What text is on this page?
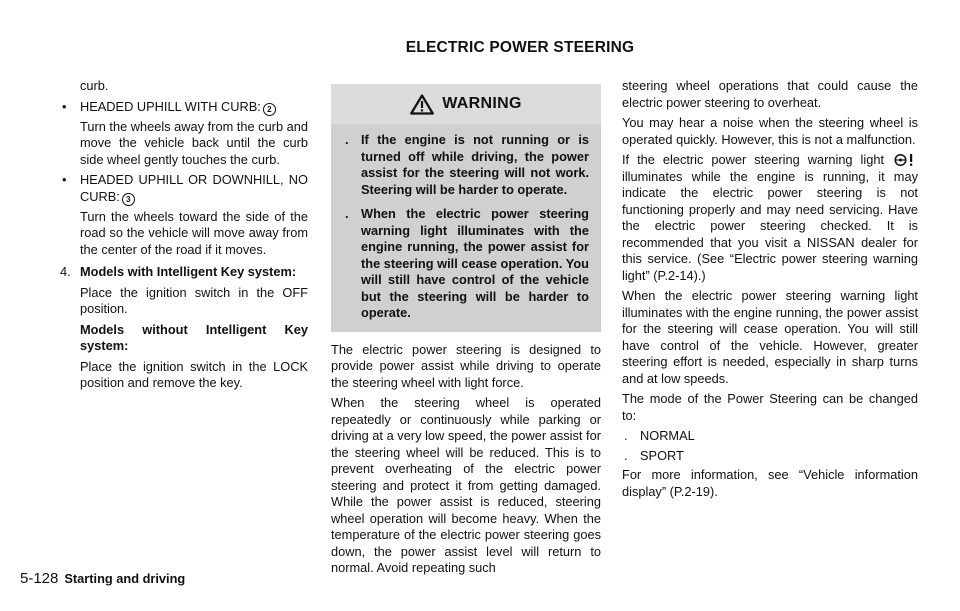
ELECTRIC POWER STEERING

curb.

• HEADED UPHILL WITH CURB: 2

Turn the wheels away from the curb and move the vehicle back until the curb side wheel gently touches the curb.

• HEADED UPHILL OR DOWNHILL, NO CURB: 3

Turn the wheels toward the side of the road so the vehicle will move away from the center of the road if it moves.

4. Models with Intelligent Key system:

Place the ignition switch in the OFF position.

Models without Intelligent Key system:

Place the ignition switch in the LOCK position and remove the key.

WARNING
. If the engine is not running or is turned off while driving, the power assist for the steering will not work. Steering will be harder to operate.
. When the electric power steering warning light illuminates with the engine running, the power assist for the steering will cease operation. You will still have control of the vehicle but the steering will be harder to operate.

The electric power steering is designed to provide power assist while driving to operate the steering wheel with light force.

When the steering wheel is operated repeatedly or continuously while parking or driving at a very low speed, the power assist for the steering wheel will be reduced. This is to prevent overheating of the electric power steering and protect it from getting damaged. While the power assist is reduced, steering wheel operation will become heavy. When the temperature of the electric power steering goes down, the power assist level will return to normal. Avoid repeating such

steering wheel operations that could cause the electric power steering to overheat.

You may hear a noise when the steering wheel is operated quickly. However, this is not a malfunction.

If the electric power steering warning light  illuminates while the engine is running, it may indicate the electric power steering is not functioning properly and may need servicing. Have the electric power steering checked. It is recommended that you visit a NISSAN dealer for this service. (See “Electric power steering warning light” (P.2-14).)

When the electric power steering warning light illuminates with the engine running, the power assist for the steering will cease operation. You will still have control of the vehicle. However, greater steering effort is needed, especially in sharp turns and at low speeds.

The mode of the Power Steering can be changed to:

. NORMAL
. SPORT

For more information, see “Vehicle information display” (P.2-19).

5-128 Starting and driving
